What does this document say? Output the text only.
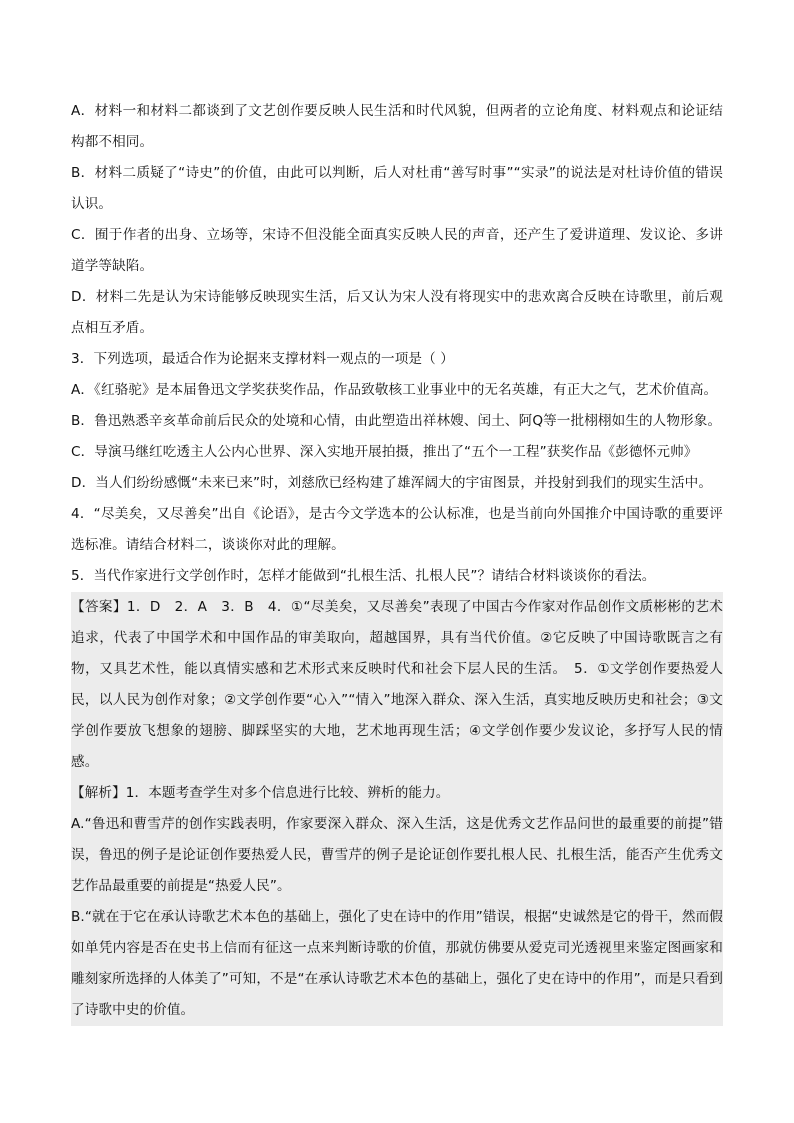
A．材料一和材料二都谈到了文艺创作要反映人民生活和时代风貌，但两者的立论角度、材料观点和论证结构都不相同。

B．材料二质疑了“诗史”的价值，由此可以判断，后人对杜甫“善写时事”“实录”的说法是对杜诗价值的错误认识。

C．囿于作者的出身、立场等，宋诗不但没能全面真实反映人民的声音，还产生了爱讲道理、发议论、多讲道学等缺陷。

D．材料二先是认为宋诗能够反映现实生活，后又认为宋人没有将现实中的悲欢离合反映在诗歌里，前后观点相互矛盾。

3．下列选项，最适合作为论据来支撑材料一观点的一项是（ ）

A．《红骆驼》是本届鲁迅文学奖获奖作品，作品致敬核工业事业中的无名英雄，有正大之气，艺术价值高。

B．鲁迅熟悉辛亥革命前后民众的处境和心情，由此塑造出祥林嫂、闰土、阿Q等一批栩栩如生的人物形象。

C．导演马继红吃透主人公内心世界、深入实地开展拍摄，推出了“五个一工程”获奖作品《彭德怀元帅》

D．当人们纷纷感慨“未来已来”时，刘慈欣已经构建了雄浑阔大的宇宙图景，并投射到我们的现实生活中。

4．“尽美矣，又尽善矣”出自《论语》，是古今文学选本的公认标准，也是当前向外国推介中国诗歌的重要评选标准。请结合材料二，谈谈你对此的理解。

5．当代作家进行文学创作时，怎样才能做到“扎根生活、扎根人民”？请结合材料谈谈你的看法。

【答案】1．D　2．A　3．B　4．①“尽美矣，又尽善矣”表现了中国古今作家对作品创作文质彬彬的艺术追求，代表了中国学术和中国作品的审美取向，超越国界，具有当代价值。②它反映了中国诗歌既言之有物，又具艺术性，能以真情实感和艺术形式来反映时代和社会下层人民的生活。　5．①文学创作要热爱人民，以人民为创作对象；②文学创作要“心入”“情入”地深入群众、深入生活，真实地反映历史和社会；③文学创作要放飞想象的翅膀、脚踩坚实的大地，艺术地再现生活；④文学创作要少发议论，多抒写人民的情感。

【解析】1．本题考查学生对多个信息进行比较、辨析的能力。

A.“鲁迅和曹雪芹的创作实践表明，作家要深入群众、深入生活，这是优秀文艺作品问世的最重要的前提”错误，鲁迅的例子是论证创作要热爱人民，曹雪芹的例子是论证创作要扎根人民、扎根生活，能否产生优秀文艺作品最重要的前提是“热爱人民”。

B.“就在于它在承认诗歌艺术本色的基础上，强化了史在诗中的作用”错误，根据“史诚然是它的骨干，然而假如单凭内容是否在史书上信而有征这一点来判断诗歌的价值，那就仿佛要从爱克司光透视里来鉴定图画家和雕刻家所选择的人体美了”可知，不是“在承认诗歌艺术本色的基础上，强化了史在诗中的作用”，而是只看到了诗歌中史的价值。
